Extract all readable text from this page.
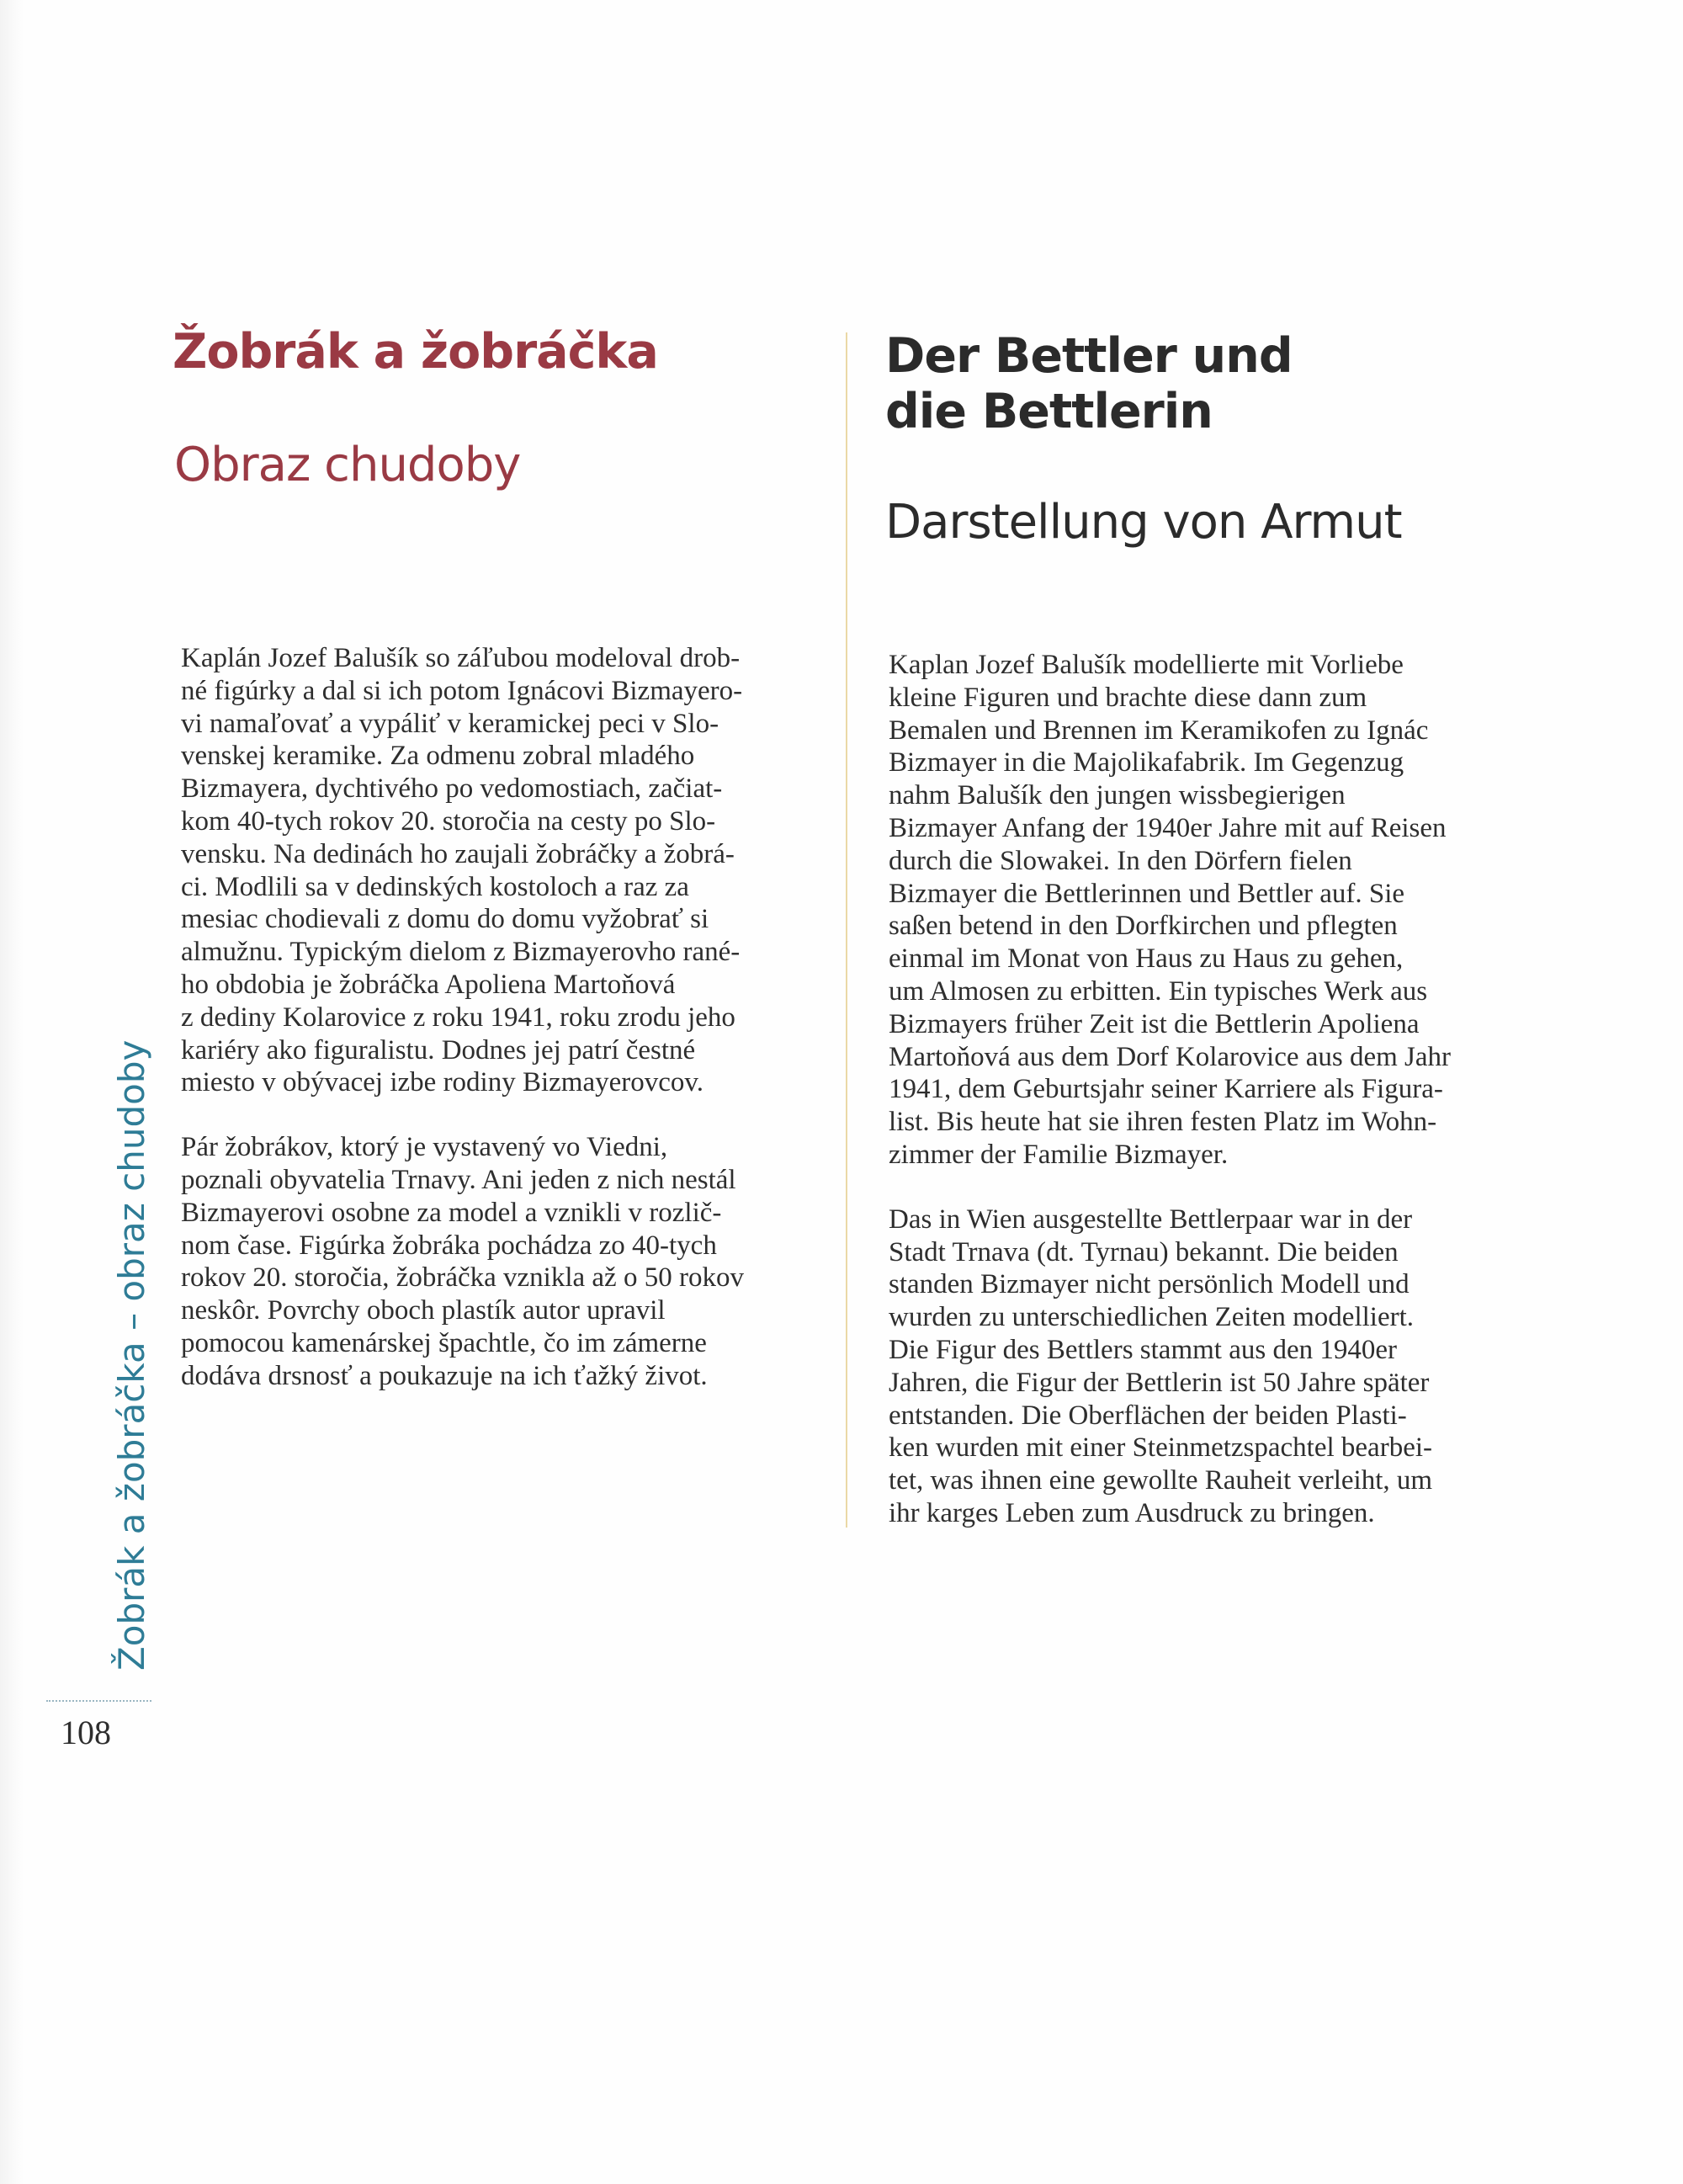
Žobrák a žobráčka
Obraz chudoby
Der Bettler und
die Bettlerin
Darstellung von Armut
Kaplán Jozef Balušík so záľubou modeloval drob-
né figúrky a dal si ich potom Ignácovi Bizmayero-
vi namaľovať a vypáliť v keramickej peci v Slo-
venskej keramike. Za odmenu zobral mladého
Bizmayera, dychtivého po vedomostiach, začiat-
kom 40-tych rokov 20. storočia na cesty po Slo-
vensku. Na dedinách ho zaujali žobráčky a žobrá-
ci. Modlili sa v dedinských kostoloch a raz za
mesiac chodievali z domu do domu vyžobrať si
almužnu. Typickým dielom z Bizmayerovho rané-
ho obdobia je žobráčka Apoliena Martoňová
z dediny Kolarovice z roku 1941, roku zrodu jeho
kariéry ako figuralistu. Dodnes jej patrí čestné
miesto v obývacej izbe rodiny Bizmayerovcov.
Pár žobrákov, ktorý je vystavený vo Viedni,
poznali obyvatelia Trnavy. Ani jeden z nich nestál
Bizmayerovi osobne za model a vznikli v rozlič-
nom čase. Figúrka žobráka pochádza zo 40-tych
rokov 20. storočia, žobráčka vznikla až o 50 rokov
neskôr. Povrchy oboch plastík autor upravil
pomocou kamenárskej špachtle, čo im zámerne
dodáva drsnosť a poukazuje na ich ťažký život.
Kaplan Jozef Balušík modellierte mit Vorliebe
kleine Figuren und brachte diese dann zum
Bemalen und Brennen im Keramikofen zu Ignác
Bizmayer in die Majolikafabrik. Im Gegenzug
nahm Balušík den jungen wissbegierigen
Bizmayer Anfang der 1940er Jahre mit auf Reisen
durch die Slowakei. In den Dörfern fielen
Bizmayer die Bettlerinnen und Bettler auf. Sie
saßen betend in den Dorfkirchen und pflegten
einmal im Monat von Haus zu Haus zu gehen,
um Almosen zu erbitten. Ein typisches Werk aus
Bizmayers früher Zeit ist die Bettlerin Apoliena
Martoňová aus dem Dorf Kolarovice aus dem Jahr
1941, dem Geburtsjahr seiner Karriere als Figura-
list. Bis heute hat sie ihren festen Platz im Wohn-
zimmer der Familie Bizmayer.
Das in Wien ausgestellte Bettlerpaar war in der
Stadt Trnava (dt. Tyrnau) bekannt. Die beiden
standen Bizmayer nicht persönlich Modell und
wurden zu unterschiedlichen Zeiten modelliert.
Die Figur des Bettlers stammt aus den 1940er
Jahren, die Figur der Bettlerin ist 50 Jahre später
entstanden. Die Oberflächen der beiden Plasti-
ken wurden mit einer Steinmetzspachtel bearbei-
tet, was ihnen eine gewollte Rauheit verleiht, um
ihr karges Leben zum Ausdruck zu bringen.
Žobrák a žobráčka – obraz chudoby
108
